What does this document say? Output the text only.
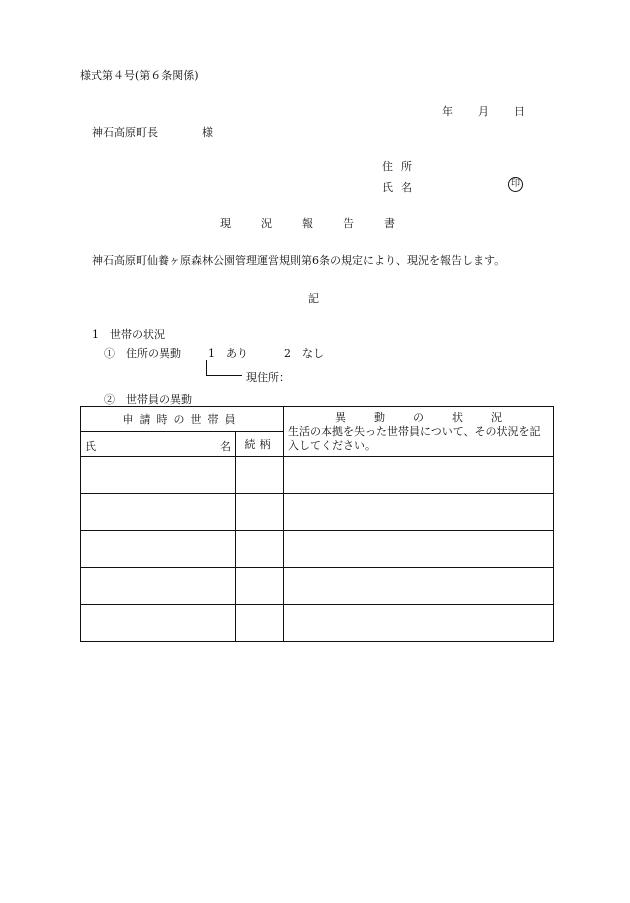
様式第４号(第６条関係)
年 月 日
神石高原町長　　　　様
住所
氏名	印
現	況	報	告	書
神石高原町仙養ヶ原森林公園管理運営規則第6条の規定により、現況を報告します。
記
1　世帯の状況
①　住所の異動 1　あり	2　なし
現住所：
②　世帯員の異動
申請時の世帯員		異 動 の 状 況
生活の本拠を失った世帯員について、その状況を記入してください。

氏 名	続柄	
